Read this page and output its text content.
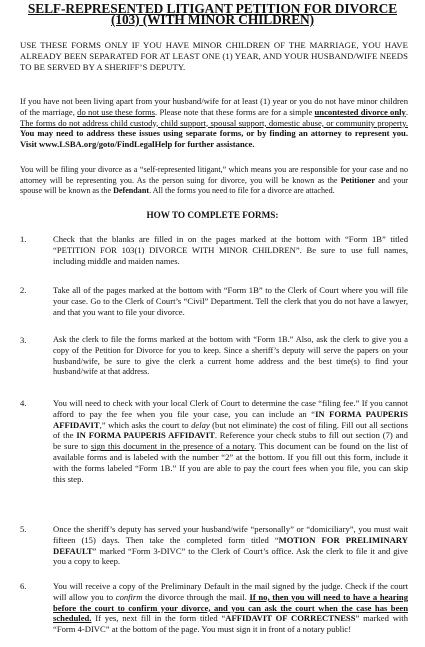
SELF-REPRESENTED LITIGANT PETITION FOR DIVORCE
(103) (WITH MINOR CHILDREN)
USE THESE FORMS ONLY IF YOU HAVE MINOR CHILDREN OF THE MARRIAGE, YOU HAVE ALREADY BEEN SEPARATED FOR AT LEAST ONE (1) YEAR, AND YOUR HUSBAND/WIFE NEEDS TO BE SERVED BY A SHERIFF’S DEPUTY.
If you have not been living apart from your husband/wife for at least (1) year or you do not have minor children of the marriage, do not use these forms. Please note that these forms are for a simple uncontested divorce only. The forms do not address child custody, child support, spousal support, domestic abuse, or community property. You may need to address these issues using separate forms, or by finding an attorney to represent you. Visit www.LSBA.org/goto/FindLegalHelp for further assistance.
You will be filing your divorce as a “self-represented litigant,” which means you are responsible for your case and no attorney will be representing you. As the person suing for divorce, you will be known as the Petitioner and your spouse will be known as the Defendant. All the forms you need to file for a divorce are attached.
HOW TO COMPLETE FORMS:
1.	Check that the blanks are filled in on the pages marked at the bottom with “Form 1B” titled “PETITION FOR 103(1) DIVORCE WITH MINOR CHILDREN”. Be sure to use full names, including middle and maiden names.
2.	Take all of the pages marked at the bottom with “Form 1B” to the Clerk of Court where you will file your case. Go to the Clerk of Court’s “Civil” Department. Tell the clerk that you do not have a lawyer, and that you want to file your divorce.
3.	Ask the clerk to file the forms marked at the bottom with “Form 1B.” Also, ask the clerk to give you a copy of the Petition for Divorce for you to keep. Since a sheriff’s deputy will serve the papers on your husband/wife, be sure to give the clerk a current home address and the best time(s) to find your husband/wife at that address.
4.	You will need to check with your local Clerk of Court to determine the case “filing fee.” If you cannot afford to pay the fee when you file your case, you can include an “IN FORMA PAUPERIS AFFIDAVIT,” which asks the court to delay (but not eliminate) the cost of filing. Fill out all sections of the IN FORMA PAUPERIS AFFIDAVIT. Reference your check stubs to fill out section (7) and be sure to sign this document in the presence of a notary. This document can be found on the list of available forms and is labeled with the number “2” at the bottom. If you fill out this form, include it with the forms labeled “Form 1B.” If you are able to pay the court fees when you file, you can skip this step.
5.	Once the sheriff’s deputy has served your husband/wife “personally” or “domiciliary”, you must wait fifteen (15) days. Then take the completed form titled “MOTION FOR PRELIMINARY DEFAULT” marked “Form 3-DIVC” to the Clerk of Court’s office. Ask the clerk to file it and give you a copy to keep.
6.	You will receive a copy of the Preliminary Default in the mail signed by the judge. Check if the court will allow you to confirm the divorce through the mail. If no, then you will need to have a hearing before the court to confirm your divorce, and you can ask the court when the case has been scheduled. If yes, next fill in the form titled “AFFIDAVIT OF CORRECTNESS” marked with “Form 4-DIVC” at the bottom of the page. You must sign it in front of a notary public!
